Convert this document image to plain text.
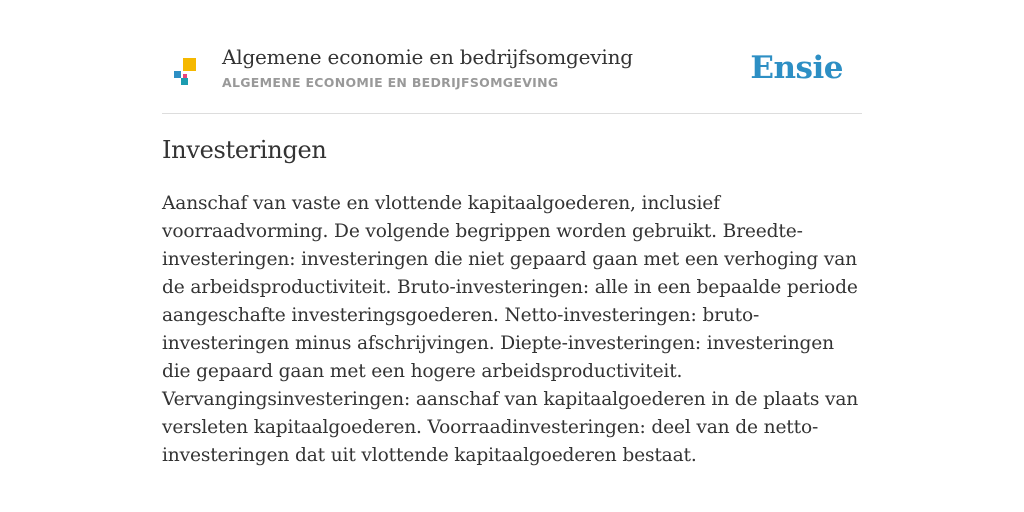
Algemene economie en bedrijfsomgeving
ALGEMENE ECONOMIE EN BEDRIJFSOMGEVING	Ensie
Investeringen

Aanschaf van vaste en vlottende kapitaalgoederen, inclusief voorraadvorming. De volgende begrippen worden gebruikt. Breedte-investeringen: investeringen die niet gepaard gaan met een verhoging van de arbeidsproductiviteit. Bruto-investeringen: alle in een bepaalde periode aangeschafte investeringsgoederen. Netto-investeringen: bruto-investeringen minus afschrijvingen. Diepte-investeringen: investeringen die gepaard gaan met een hogere arbeidsproductiviteit. Vervangingsinvesteringen: aanschaf van kapitaalgoederen in de plaats van versleten kapitaalgoederen. Voorraadinvesteringen: deel van de netto-investeringen dat uit vlottende kapitaalgoederen bestaat.
